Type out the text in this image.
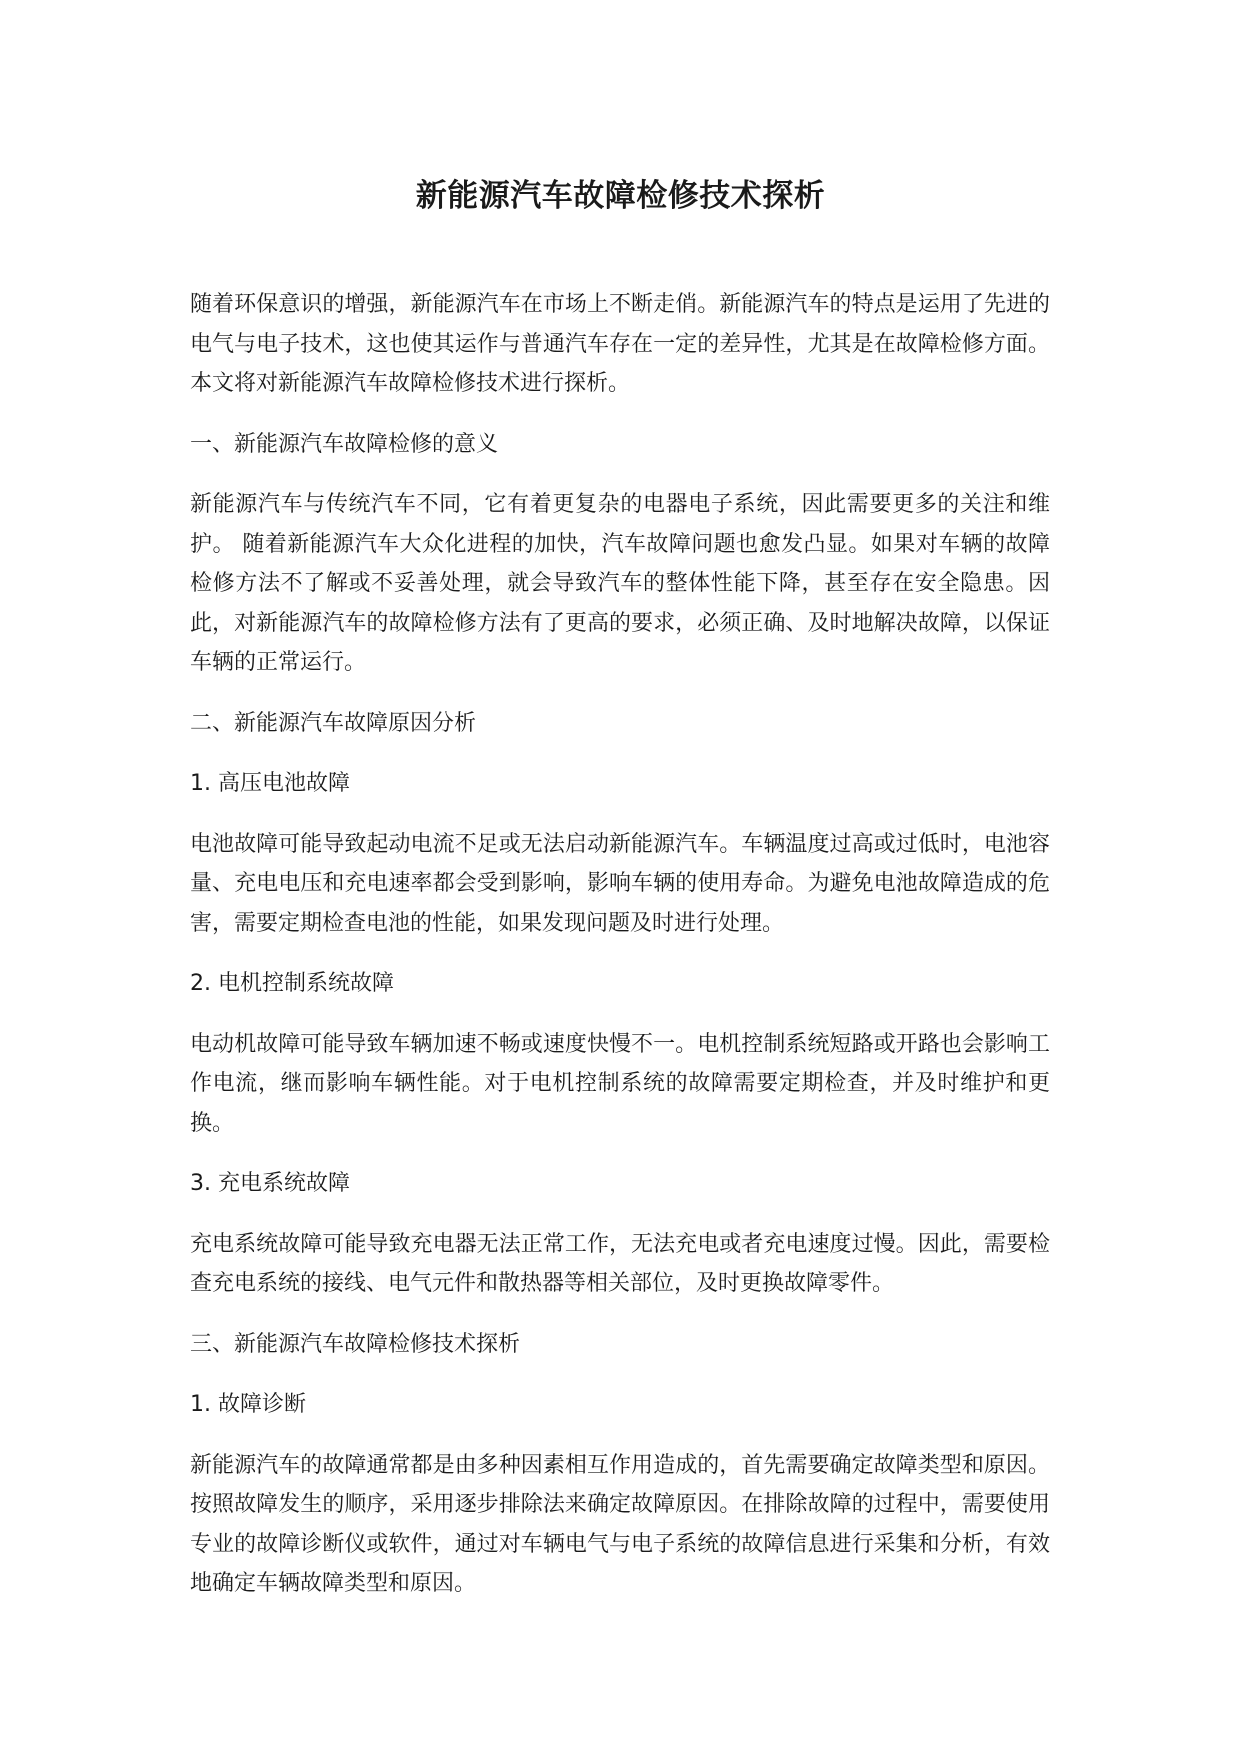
新能源汽车故障检修技术探析

随着环保意识的增强，新能源汽车在市场上不断走俏。新能源汽车的特点是运用了先进的电气与电子技术，这也使其运作与普通汽车存在一定的差异性，尤其是在故障检修方面。本文将对新能源汽车故障检修技术进行探析。

一、新能源汽车故障检修的意义

新能源汽车与传统汽车不同，它有着更复杂的电器电子系统，因此需要更多的关注和维护。 随着新能源汽车大众化进程的加快，汽车故障问题也愈发凸显。如果对车辆的故障检修方法不了解或不妥善处理，就会导致汽车的整体性能下降，甚至存在安全隐患。因此，对新能源汽车的故障检修方法有了更高的要求，必须正确、及时地解决故障，以保证车辆的正常运行。

二、新能源汽车故障原因分析

1. 高压电池故障

电池故障可能导致起动电流不足或无法启动新能源汽车。车辆温度过高或过低时，电池容量、充电电压和充电速率都会受到影响，影响车辆的使用寿命。为避免电池故障造成的危害，需要定期检查电池的性能，如果发现问题及时进行处理。

2. 电机控制系统故障

电动机故障可能导致车辆加速不畅或速度快慢不一。电机控制系统短路或开路也会影响工作电流，继而影响车辆性能。对于电机控制系统的故障需要定期检查，并及时维护和更换。

3. 充电系统故障

充电系统故障可能导致充电器无法正常工作，无法充电或者充电速度过慢。因此，需要检查充电系统的接线、电气元件和散热器等相关部位，及时更换故障零件。

三、新能源汽车故障检修技术探析

1. 故障诊断

新能源汽车的故障通常都是由多种因素相互作用造成的，首先需要确定故障类型和原因。按照故障发生的顺序，采用逐步排除法来确定故障原因。在排除故障的过程中，需要使用专业的故障诊断仪或软件，通过对车辆电气与电子系统的故障信息进行采集和分析，有效地确定车辆故障类型和原因。
